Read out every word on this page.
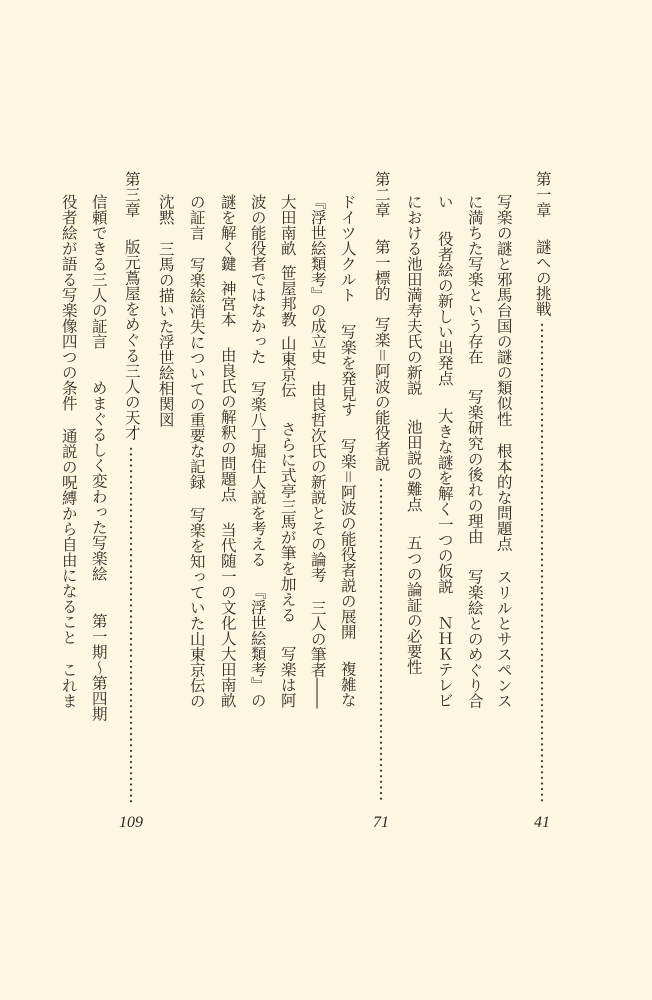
第一章
謎への挑戦
41
写楽の謎と邪馬台国の謎の類似性
根本的な問題点
スリルとサスペンス
に満ちた写楽という存在
写楽研究の後れの理由
写楽絵とのめぐり合
い
役者絵の新しい出発点
大きな謎を解く一つの仮説
ＮＨＫテレビ
における池田満寿夫氏の新説
池田説の難点
五つの論証の必要性
第二章
第一標的　写楽＝阿波の能役者説
71
ドイツ人クルト
写楽を発見す
写楽＝阿波の能役者説の展開
複雑な
『浮世絵類考』の成立史
由良哲次氏の新説とその論考
三人の筆者――
大田南畝 笹屋邦教 山東京伝
さらに式亭三馬が筆を加える
写楽は阿
波の能役者ではなかった
写楽八丁堀住人説を考える
『浮世絵類考』の
謎を解く鍵 神宮本
由良氏の解釈の問題点
当代随一の文化人大田南畝
の証言
写楽絵消失についての重要な記録
写楽を知っていた山東京伝の
沈黙
三馬の描いた浮世絵相関図
第三章
版元蔦屋をめぐる三人の天才
109
信頼できる三人の証言
めまぐるしく変わった写楽絵
第一期～第四期
役者絵が語る写楽像四つの条件
通説の呪縛から自由になること
これま
